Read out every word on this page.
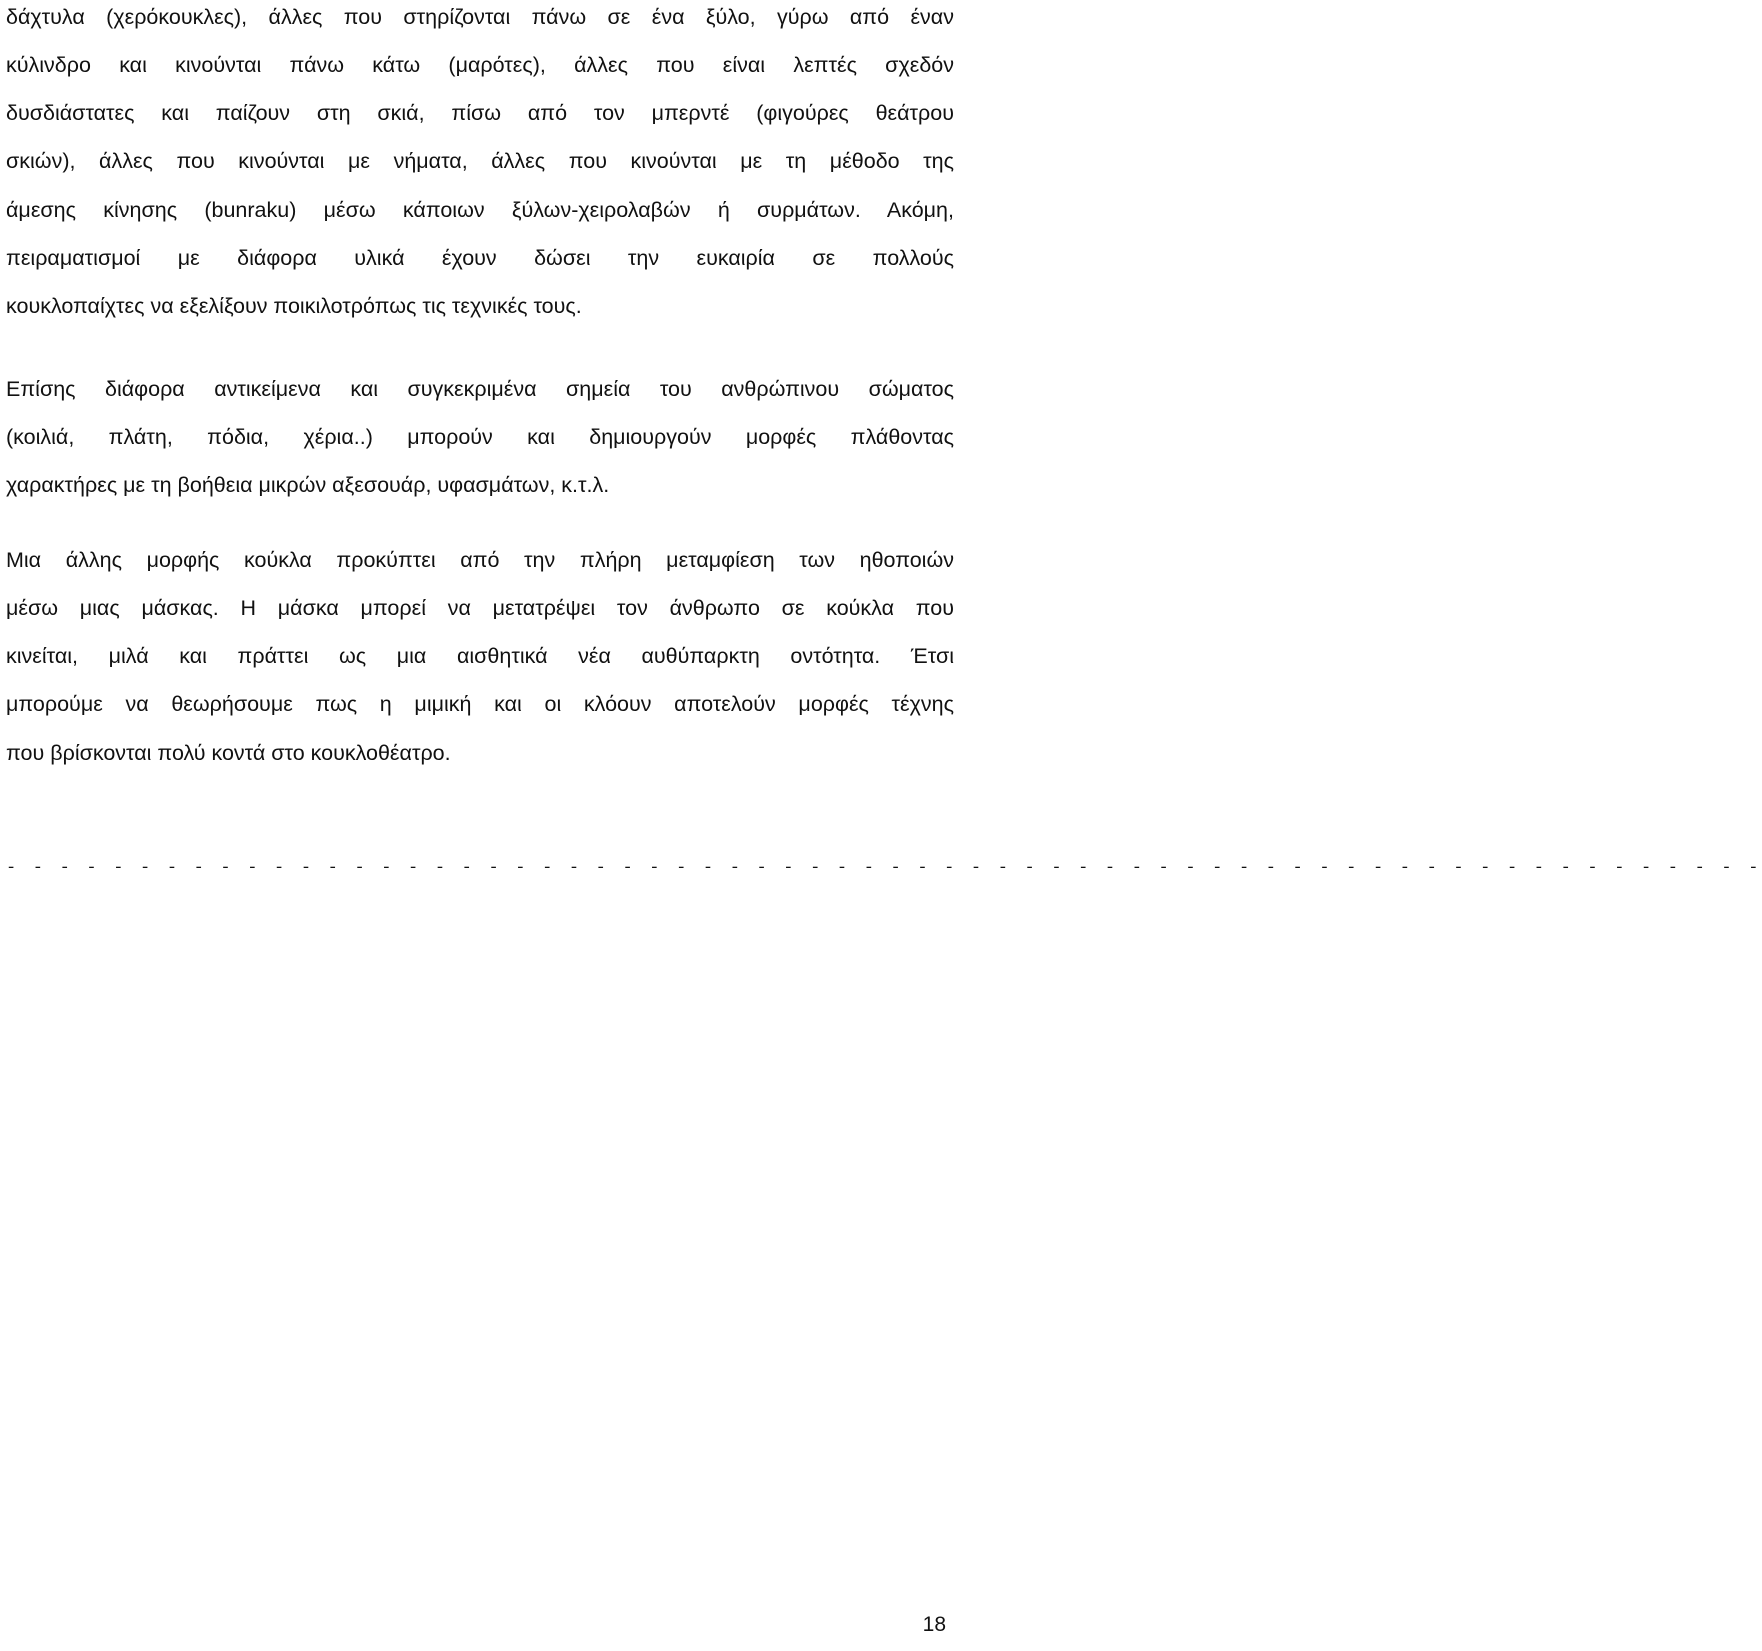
δάχτυλα (χερόκουκλες), άλλες που στηρίζονται πάνω σε ένα ξύλο, γύρω από έναν
κύλινδρο και κινούνται πάνω κάτω (μαρότες), άλλες που είναι λεπτές σχεδόν
δυσδιάστατες και παίζουν στη σκιά, πίσω από τον μπερντέ (φιγούρες θεάτρου
σκιών), άλλες που κινούνται με νήματα, άλλες που κινούνται με τη μέθοδο της
άμεσης κίνησης (bunraku) μέσω κάποιων ξύλων-χειρολαβών ή συρμάτων. Ακόμη,
πειραματισμοί με διάφορα υλικά έχουν δώσει την ευκαιρία σε πολλούς
κουκλοπαίχτες να εξελίξουν ποικιλοτρόπως τις τεχνικές τους.
Επίσης διάφορα αντικείμενα και συγκεκριμένα σημεία του ανθρώπινου σώματος
(κοιλιά, πλάτη, πόδια, χέρια..) μπορούν και δημιουργούν μορφές πλάθοντας
χαρακτήρες με τη βοήθεια μικρών αξεσουάρ, υφασμάτων, κ.τ.λ.
Μια άλλης μορφής κούκλα προκύπτει από την πλήρη μεταμφίεση των ηθοποιών
μέσω μιας μάσκας. Η μάσκα μπορεί να μετατρέψει τον άνθρωπο σε κούκλα που
κινείται, μιλά και πράττει ως μια αισθητικά νέα αυθύπαρκτη οντότητα. Έτσι
μπορούμε να θεωρήσουμε πως η μιμική και οι κλόουν αποτελούν μορφές τέχνης
που βρίσκονται πολύ κοντά στο κουκλοθέατρο.
- - - - - - - - - - - - - - - - - - - - - - - - - - - - - - - - - - - - - - - - - - - - - - - - - - - - - - - - - - - - - - - - - -
18
